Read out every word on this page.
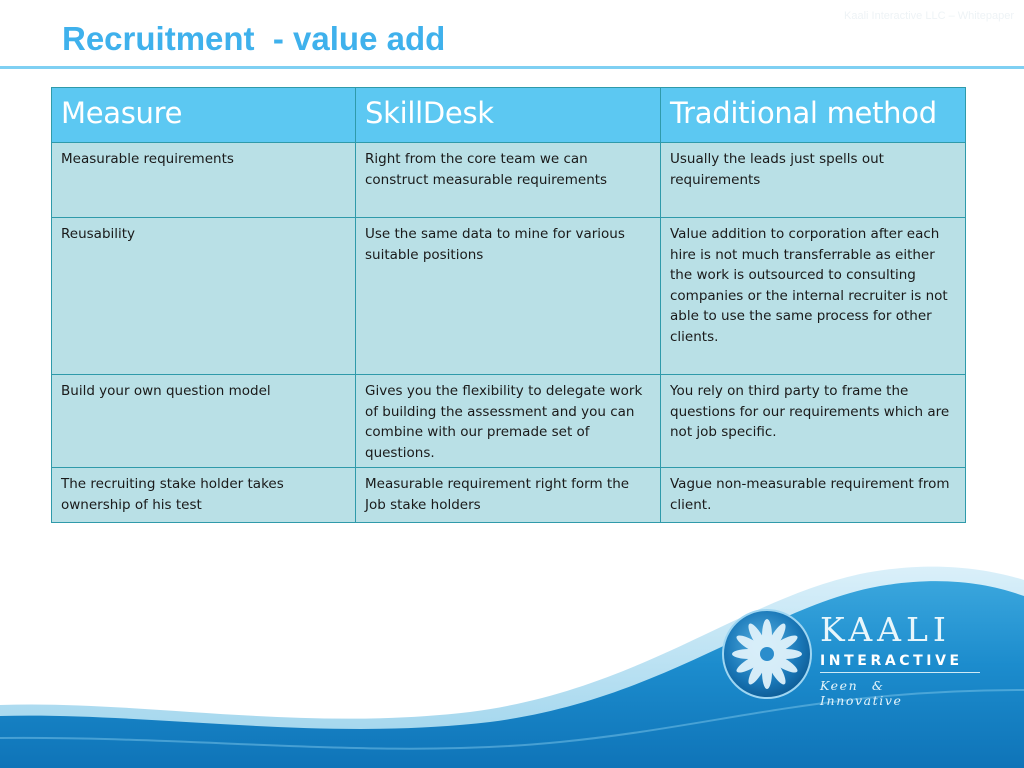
Recruitment  - value add
Kaali Interactive LLC – Whitepaper
Measure	SkillDesk	Traditional method
Measurable requirements	Right from the core team we can construct measurable requirements	Usually the leads just spells out requirements
Reusability	Use the same data to mine for various suitable positions	Value addition to corporation after each hire is not much transferrable as either the work is outsourced to consulting companies or the internal recruiter is not able to use the same process for other clients.
Build your own question model	Gives you the flexibility to delegate work of building the assessment and you can combine with our premade set of questions.	You rely on third party to frame the questions for our requirements which are not job specific.
The recruiting stake holder takes ownership of his test	Measurable requirement right form the Job stake holders	Vague non-measurable requirement from client.
KAALI
INTERACTIVE
Keen & Innovative
